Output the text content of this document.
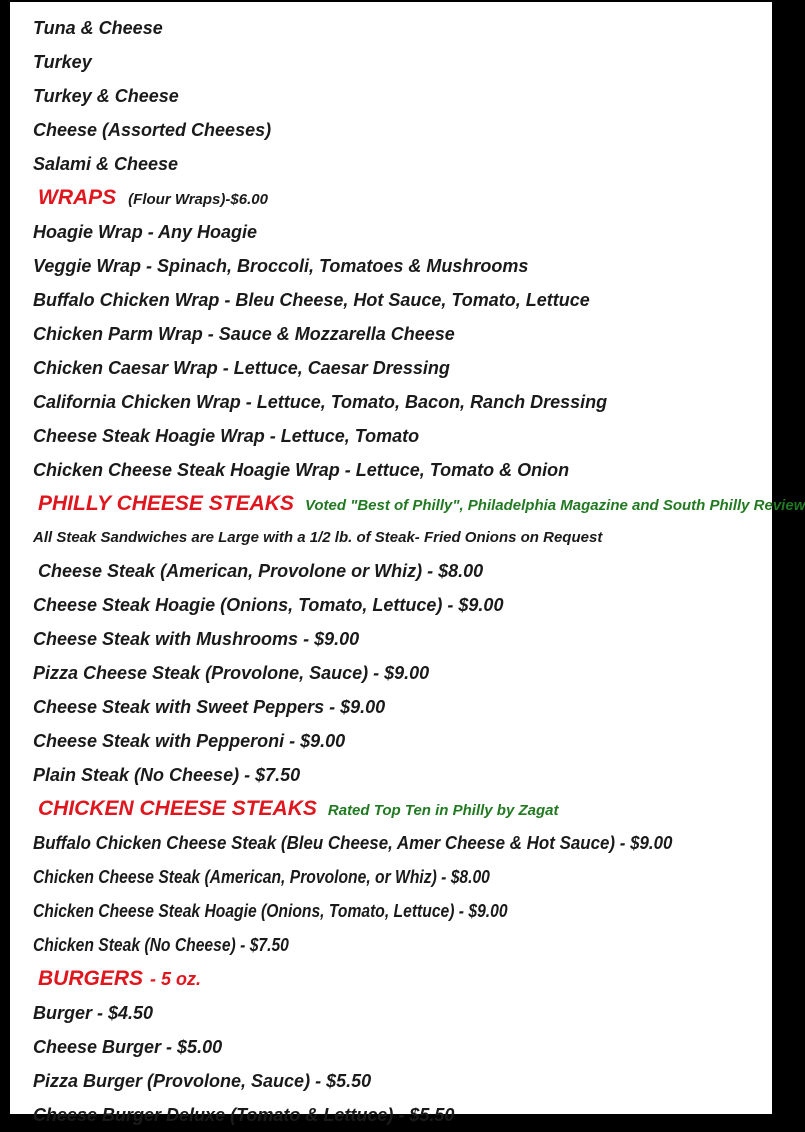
Tuna & Cheese
Turkey
Turkey & Cheese
Cheese (Assorted Cheeses)
Salami & Cheese
WRAPS (Flour Wraps)-$6.00
Hoagie Wrap - Any Hoagie
Veggie Wrap - Spinach, Broccoli, Tomatoes & Mushrooms
Buffalo Chicken Wrap - Bleu Cheese, Hot Sauce, Tomato, Lettuce
Chicken Parm Wrap - Sauce & Mozzarella Cheese
Chicken Caesar Wrap - Lettuce, Caesar Dressing
California Chicken Wrap - Lettuce, Tomato, Bacon, Ranch Dressing
Cheese Steak Hoagie Wrap - Lettuce, Tomato
Chicken Cheese Steak Hoagie Wrap - Lettuce, Tomato & Onion
PHILLY CHEESE STEAKS Voted "Best of Philly", Philadelphia Magazine and South Philly Review
All Steak Sandwiches are Large with a 1/2 lb. of Steak- Fried Onions on Request
Cheese Steak (American, Provolone or Whiz) - $8.00
Cheese Steak Hoagie (Onions, Tomato, Lettuce) - $9.00
Cheese Steak with Mushrooms - $9.00
Pizza Cheese Steak (Provolone, Sauce) - $9.00
Cheese Steak with Sweet Peppers - $9.00
Cheese Steak with Pepperoni - $9.00
Plain Steak (No Cheese) - $7.50
CHICKEN CHEESE STEAKS Rated Top Ten in Philly by Zagat
Buffalo Chicken Cheese Steak (Bleu Cheese, Amer Cheese & Hot Sauce) - $9.00
Chicken Cheese Steak (American, Provolone, or Whiz) - $8.00
Chicken Cheese Steak Hoagie (Onions, Tomato, Lettuce) - $9.00
Chicken Steak (No Cheese) - $7.50
BURGERS - 5 oz.
Burger - $4.50
Cheese Burger - $5.00
Pizza Burger (Provolone, Sauce) - $5.50
Cheese Burger Deluxe (Tomato & Lettuce) - $5.50
